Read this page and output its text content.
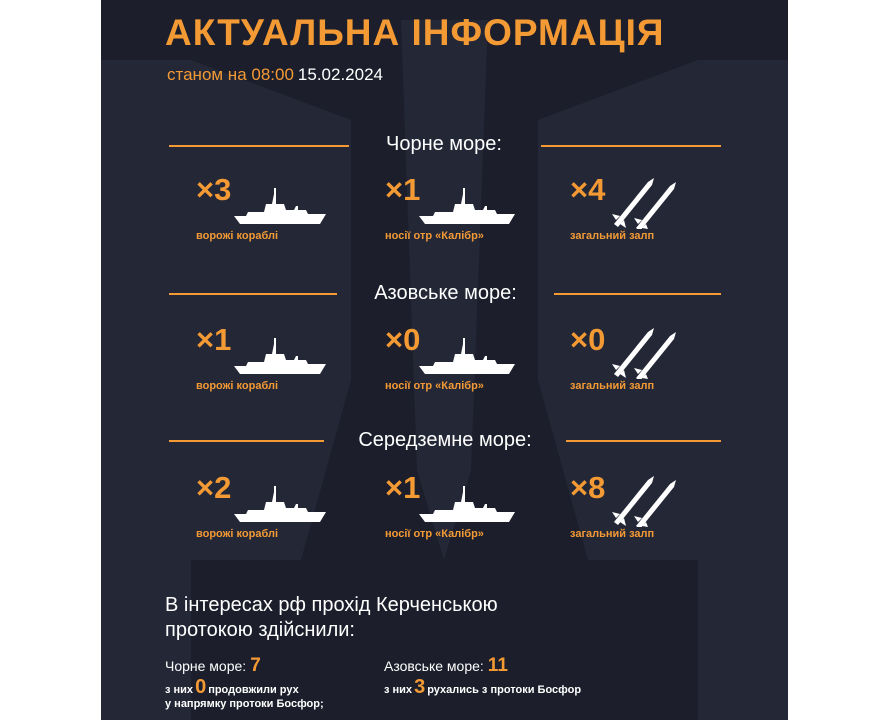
АКТУАЛЬНА ІНФОРМАЦІЯ
станом на 08:00 15.02.2024
Чорне море:
×3
ворожі кораблі
×1
носії отр «Калібр»
×4
загальний залп
Азовське море:
×1
ворожі кораблі
×0
носії отр «Калібр»
×0
загальний залп
Середземне море:
×2
ворожі кораблі
×1
носії отр «Калібр»
×8
загальний залп
В інтересах рф прохід Керченською
протокою здійснили:
Чорне море: 7
з них 0 продовжили рух
у напрямку протоки Босфор;
Азовське море: 11
з них 3 рухались з протоки Босфор
